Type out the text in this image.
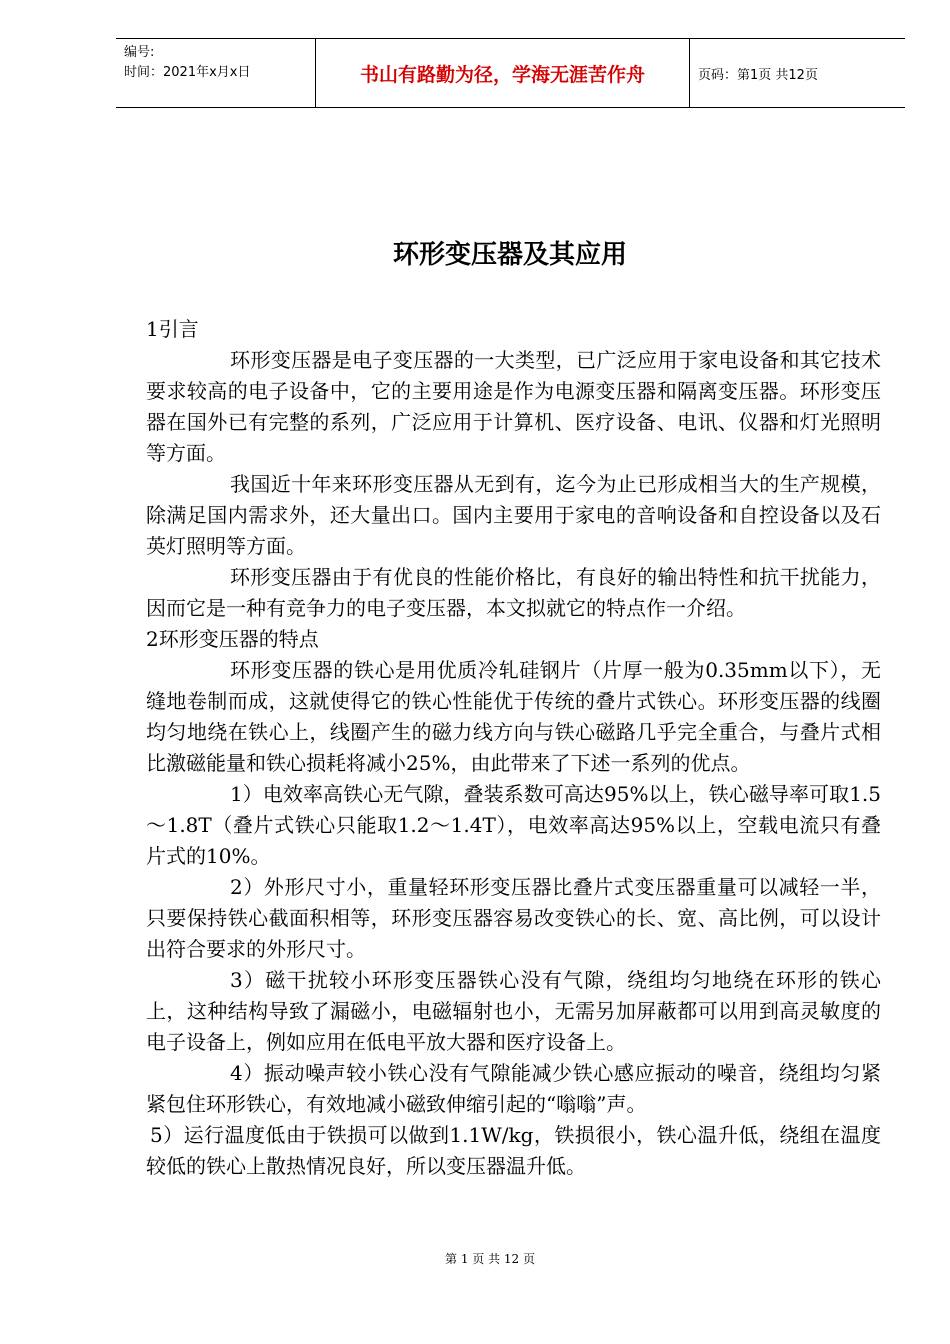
编号:
时间：2021年x月x日	书山有路勤为径，学海无涯苦作舟	页码：第1页 共12页
环形变压器及其应用

1引言

环形变压器是电子变压器的一大类型，已广泛应用于家电设备和其它技术要求较高的电子设备中，它的主要用途是作为电源变压器和隔离变压器。环形变压器在国外已有完整的系列，广泛应用于计算机、医疗设备、电讯、仪器和灯光照明等方面。

我国近十年来环形变压器从无到有，迄今为止已形成相当大的生产规模，除满足国内需求外，还大量出口。国内主要用于家电的音响设备和自控设备以及石英灯照明等方面。

环形变压器由于有优良的性能价格比，有良好的输出特性和抗干扰能力，因而它是一种有竞争力的电子变压器，本文拟就它的特点作一介绍。

2环形变压器的特点

环形变压器的铁心是用优质冷轧硅钢片（片厚一般为0.35mm以下），无缝地卷制而成，这就使得它的铁心性能优于传统的叠片式铁心。环形变压器的线圈均匀地绕在铁心上，线圈产生的磁力线方向与铁心磁路几乎完全重合，与叠片式相比激磁能量和铁心损耗将减小25%，由此带来了下述一系列的优点。

1）电效率高铁心无气隙，叠装系数可高达95%以上，铁心磁导率可取1.5～1.8T（叠片式铁心只能取1.2～1.4T），电效率高达95%以上，空载电流只有叠片式的10%。

2）外形尺寸小，重量轻环形变压器比叠片式变压器重量可以减轻一半，只要保持铁心截面积相等，环形变压器容易改变铁心的长、宽、高比例，可以设计出符合要求的外形尺寸。

3）磁干扰较小环形变压器铁心没有气隙，绕组均匀地绕在环形的铁心上，这种结构导致了漏磁小，电磁辐射也小，无需另加屏蔽都可以用到高灵敏度的电子设备上，例如应用在低电平放大器和医疗设备上。

4）振动噪声较小铁心没有气隙能减少铁心感应振动的噪音，绕组均匀紧紧包住环形铁心，有效地减小磁致伸缩引起的“嗡嗡”声。

5）运行温度低由于铁损可以做到1.1W/kg，铁损很小，铁心温升低，绕组在温度较低的铁心上散热情况良好，所以变压器温升低。

第 1 页 共 12 页
